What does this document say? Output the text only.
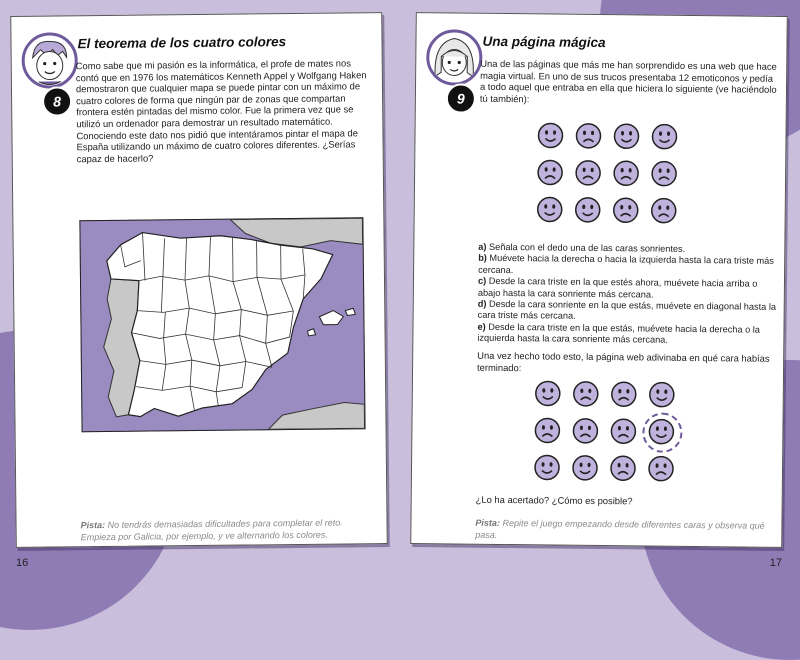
8
El teorema de los cuatro colores
Como sabe que mi pasión es la informática, el profe de mates nos contó que en 1976 los matemáticos Kenneth Appel y Wolfgang Haken demostraron que cualquier mapa se puede pintar con un máximo de cuatro colores de forma que ningún par de zonas que compartan frontera estén pintadas del mismo color. Fue la primera vez que se utilizó un ordenador para demostrar un resultado matemático. Conociendo este dato nos pidió que intentáramos pintar el mapa de España utilizando un máximo de cuatro colores diferentes. ¿Serías capaz de hacerlo?
Pista: No tendrás demasiadas dificultades para completar el reto. Empieza por Galicia, por ejemplo, y ve alternando los colores.
16
9
Una página mágica
Una de las páginas que más me han sorprendido es una web que hace magia virtual. En uno de sus trucos presentaba 12 emoticonos y pedía a todo aquel que entraba en ella que hiciera lo siguiente (ve haciéndolo tú también):
a) Señala con el dedo una de las caras sonrientes.
b) Muévete hacia la derecha o hacia la izquierda hasta la cara triste más cercana.
c) Desde la cara triste en la que estés ahora, muévete hacia arriba o abajo hasta la cara sonriente más cercana.
d) Desde la cara sonriente en la que estás, muévete en diagonal hasta la cara triste más cercana.
e) Desde la cara triste en la que estás, muévete hacia la derecha o la izquierda hasta la cara sonriente más cercana.
Una vez hecho todo esto, la página web adivinaba en qué cara habías terminado:
¿Lo ha acertado? ¿Cómo es posible?
Pista: Repite el juego empezando desde diferentes caras y observa qué pasa.
17
